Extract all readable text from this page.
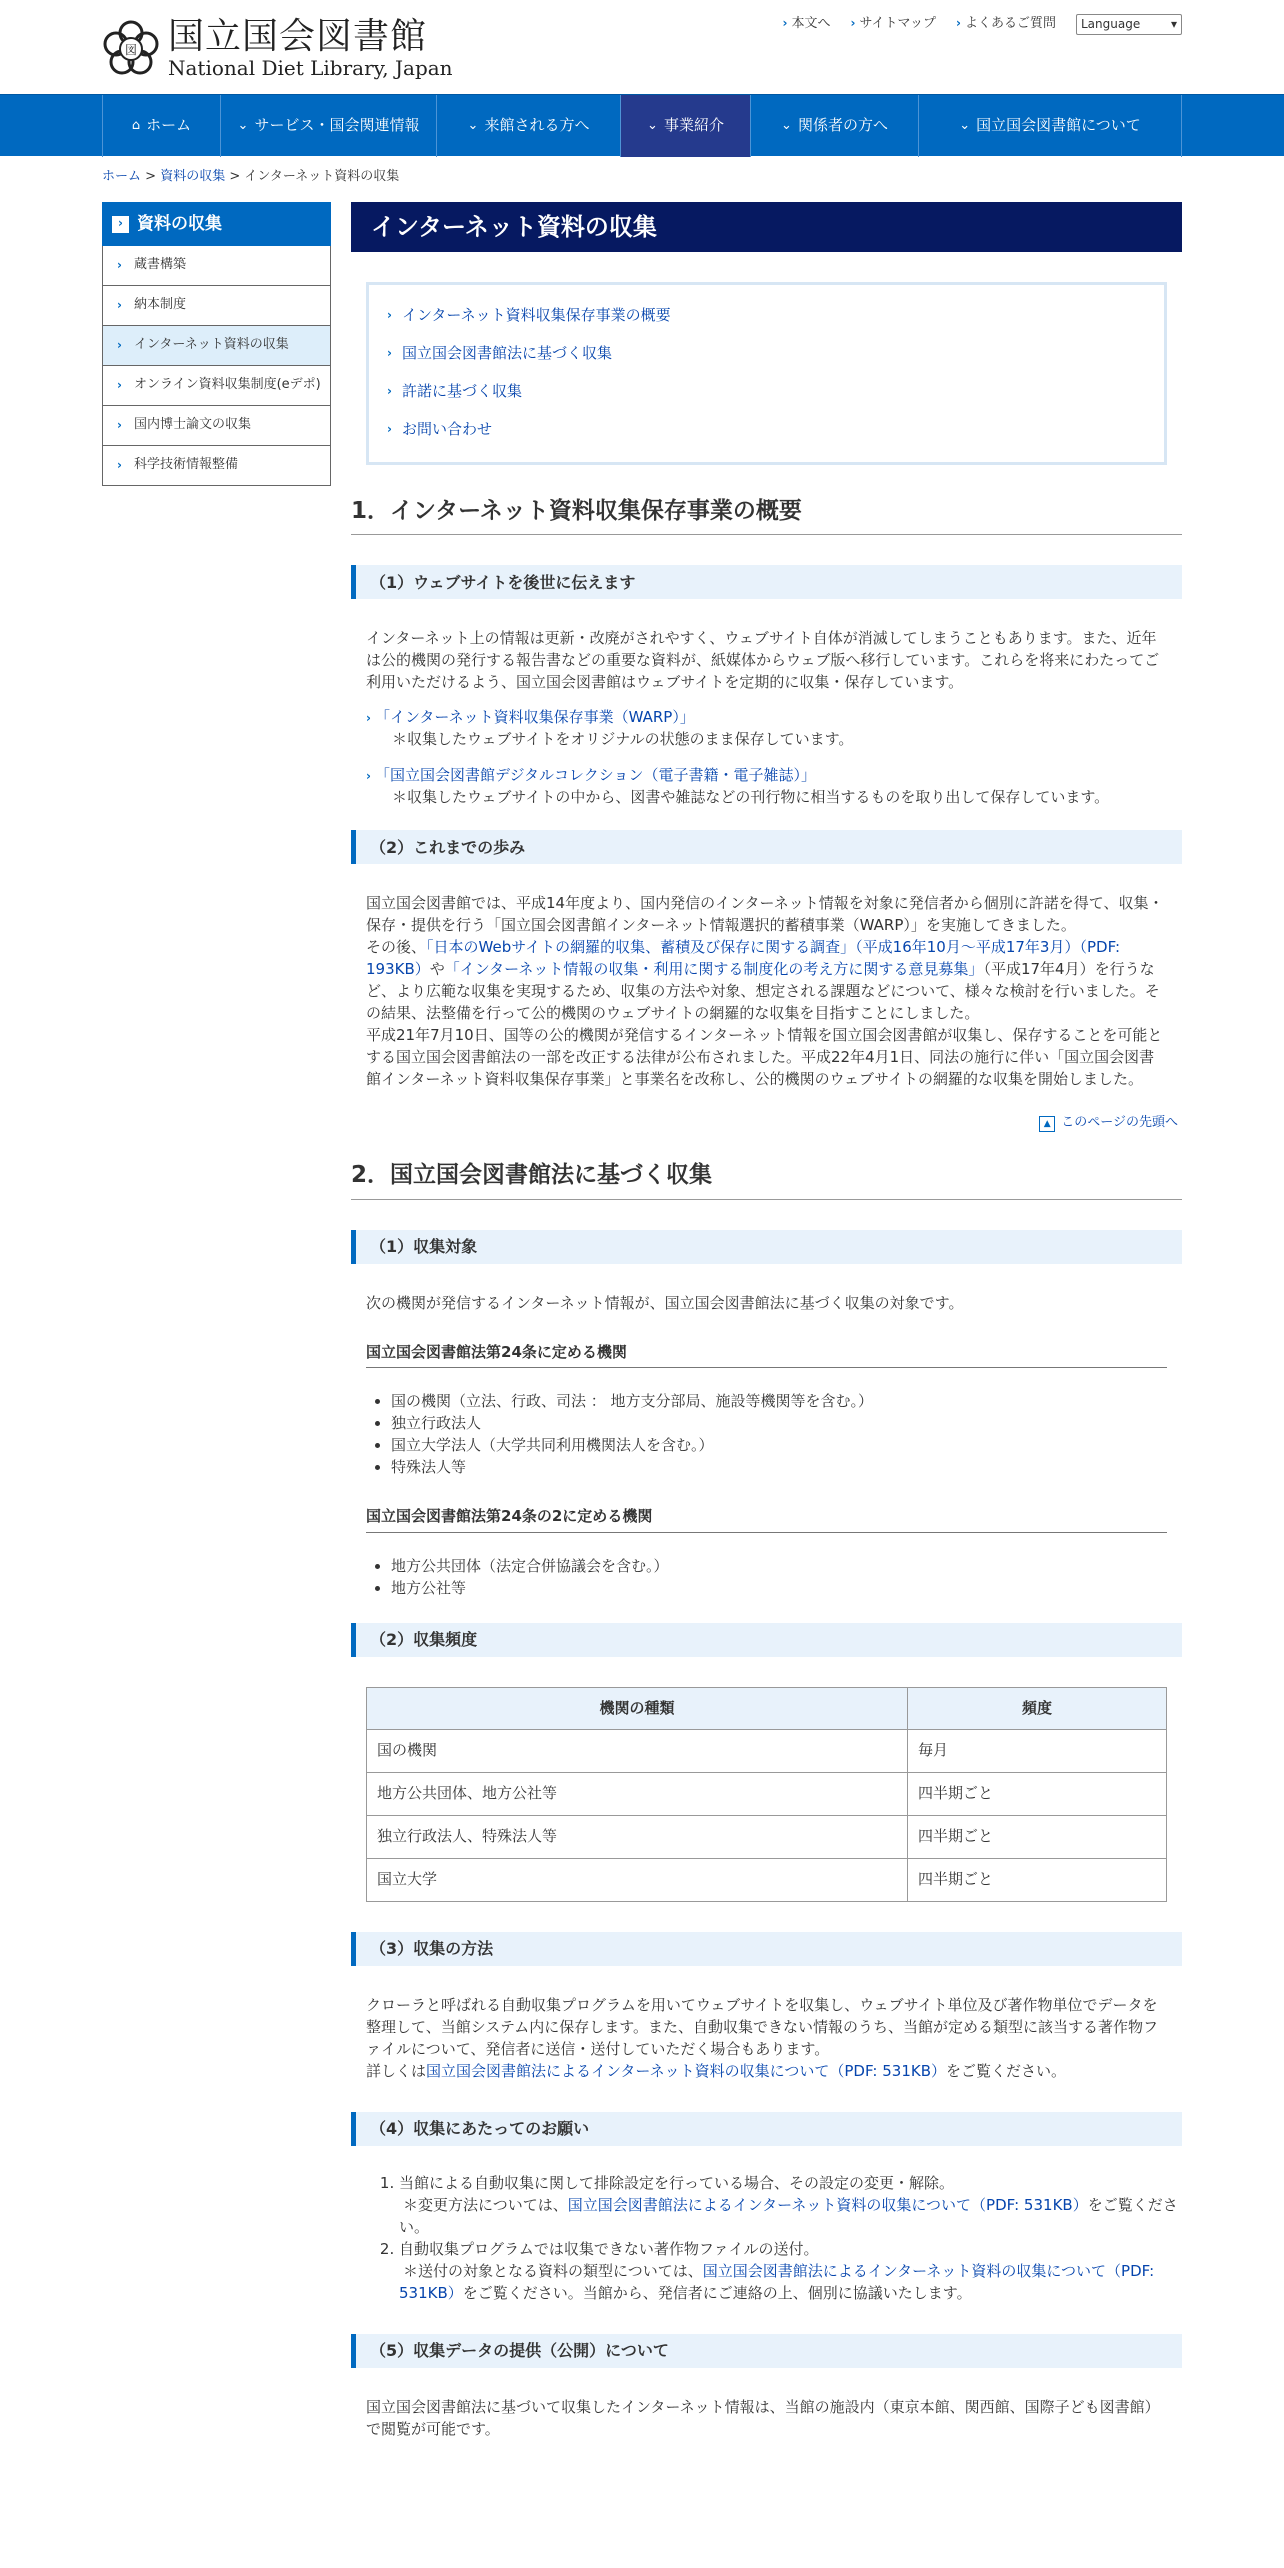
図 国立国会図書館
National Diet Library, Japan
› 本文へ › サイトマップ › よくあるご質問 Language	▾
⌂ ホーム	⌄ サービス・国会関連情報	⌄ 来館される方へ	⌄ 事業紹介	⌄ 関係者の方へ	⌄ 国立国会図書館について
ホーム > 資料の収集 > インターネット資料の収集
› 資料の収集
› 蔵書構築
› 納本制度
› インターネット資料の収集
› オンライン資料収集制度(eデポ)
› 国内博士論文の収集
› 科学技術情報整備
インターネット資料の収集
› インターネット資料収集保存事業の概要
› 国立国会図書館法に基づく収集
› 許諾に基づく収集
› お問い合わせ
1．インターネット資料収集保存事業の概要
（1）ウェブサイトを後世に伝えます

インターネット上の情報は更新・改廃がされやすく、ウェブサイト自体が消滅してしまうこともあります。また、近年は公的機関の発行する報告書などの重要な資料が、紙媒体からウェブ版へ移行しています。これらを将来にわたってご利用いただけるよう、国立国会図書館はウェブサイトを定期的に収集・保存しています。

› 「インターネット資料収集保存事業（WARP）」
＊収集したウェブサイトをオリジナルの状態のまま保存しています。
› 「国立国会図書館デジタルコレクション（電子書籍・電子雑誌）」
＊収集したウェブサイトの中から、図書や雑誌などの刊行物に相当するものを取り出して保存しています。
（2）これまでの歩み

国立国会図書館では、平成14年度より、国内発信のインターネット情報を対象に発信者から個別に許諾を得て、収集・保存・提供を行う「国立国会図書館インターネット情報選択的蓄積事業（WARP）」を実施してきました。

その後、「日本のWebサイトの網羅的収集、蓄積及び保存に関する調査」（平成16年10月～平成17年3月）（PDF: 193KB）や「インターネット情報の収集・利用に関する制度化の考え方に関する意見募集」（平成17年4月）を行うなど、より広範な収集を実現するため、収集の方法や対象、想定される課題などについて、様々な検討を行いました。その結果、法整備を行って公的機関のウェブサイトの網羅的な収集を目指すことにしました。

平成21年7月10日、国等の公的機関が発信するインターネット情報を国立国会図書館が収集し、保存することを可能とする国立国会図書館法の一部を改正する法律が公布されました。平成22年4月1日、同法の施行に伴い「国立国会図書館インターネット資料収集保存事業」と事業名を改称し、公的機関のウェブサイトの網羅的な収集を開始しました。

▲ このページの先頭へ
2．国立国会図書館法に基づく収集
（1）収集対象

次の機関が発信するインターネット情報が、国立国会図書館法に基づく収集の対象です。

国立国会図書館法第24条に定める機関
• 国の機関（立法、行政、司法 ： 地方支分部局、施設等機関等を含む。）
• 独立行政法人
• 国立大学法人（大学共同利用機関法人を含む。）
• 特殊法人等
国立国会図書館法第24条の2に定める機関
• 地方公共団体（法定合併協議会を含む。）
• 地方公社等
（2）収集頻度
機関の種類	頻度
国の機関	毎月
地方公共団体、地方公社等	四半期ごと
独立行政法人、特殊法人等	四半期ごと
国立大学	四半期ごと
（3）収集の方法

クローラと呼ばれる自動収集プログラムを用いてウェブサイトを収集し、ウェブサイト単位及び著作物単位でデータを整理して、当館システム内に保存します。また、自動収集できない情報のうち、当館が定める類型に該当する著作物ファイルについて、発信者に送信・送付していただく場合もあります。

詳しくは国立国会図書館法によるインターネット資料の収集について（PDF: 531KB）をご覧ください。

（4）収集にあたってのお願い
1. 当館による自動収集に関して排除設定を行っている場合、その設定の変更・解除。
＊変更方法については、国立国会図書館法によるインターネット資料の収集について（PDF: 531KB）をご覧ください。
2. 自動収集プログラムでは収集できない著作物ファイルの送付。
＊送付の対象となる資料の類型については、国立国会図書館法によるインターネット資料の収集について（PDF: 531KB）をご覧ください。当館から、発信者にご連絡の上、個別に協議いたします。
（5）収集データの提供（公開）について

国立国会図書館法に基づいて収集したインターネット情報は、当館の施設内（東京本館、関西館、国際子ども図書館）で閲覧が可能です。
